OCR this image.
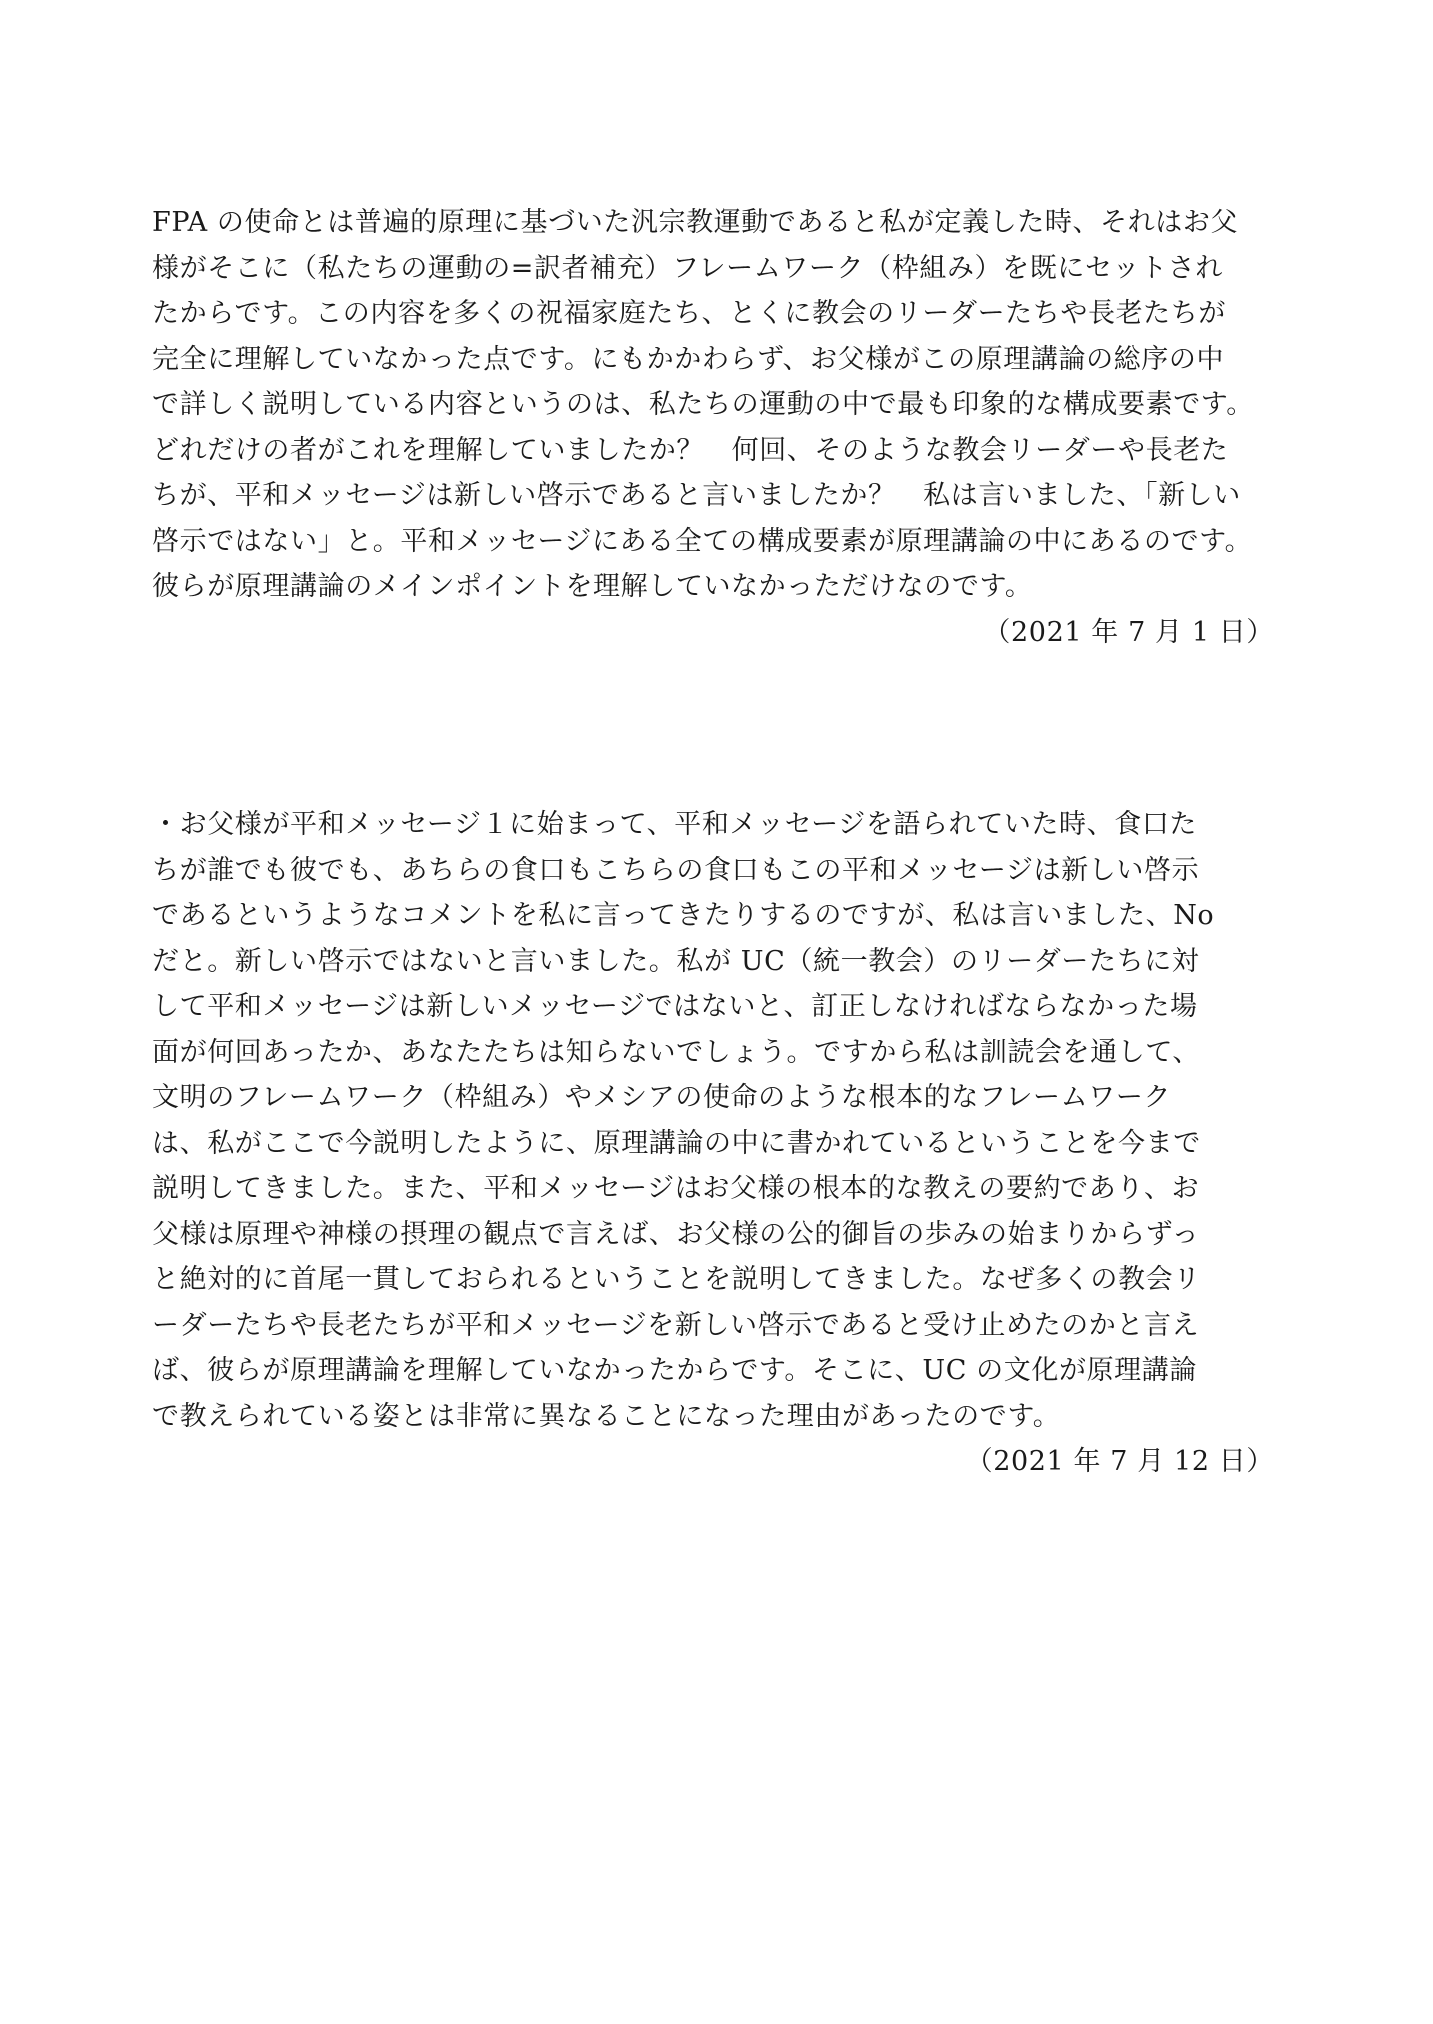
FPA の使命とは普遍的原理に基づいた汎宗教運動であると私が定義した時、それはお父
様がそこに（私たちの運動の=訳者補充）フレームワーク（枠組み）を既にセットされ
たからです。この内容を多くの祝福家庭たち、とくに教会のリーダーたちや長老たちが
完全に理解していなかった点です。にもかかわらず、お父様がこの原理講論の総序の中
で詳しく説明している内容というのは、私たちの運動の中で最も印象的な構成要素です。
どれだけの者がこれを理解していましたか？　何回、そのような教会リーダーや長老た
ちが、平和メッセージは新しい啓示であると言いましたか？　私は言いました、「新しい
啓示ではない」と。平和メッセージにある全ての構成要素が原理講論の中にあるのです。
彼らが原理講論のメインポイントを理解していなかっただけなのです。
（2021 年 7 月 1 日）
・お父様が平和メッセージ１に始まって、平和メッセージを語られていた時、食口た
ちが誰でも彼でも、あちらの食口もこちらの食口もこの平和メッセージは新しい啓示
であるというようなコメントを私に言ってきたりするのですが、私は言いました、No
だと。新しい啓示ではないと言いました。私が UC（統一教会）のリーダーたちに対
して平和メッセージは新しいメッセージではないと、訂正しなければならなかった場
面が何回あったか、あなたたちは知らないでしょう。ですから私は訓読会を通して、
文明のフレームワーク（枠組み）やメシアの使命のような根本的なフレームワーク
は、私がここで今説明したように、原理講論の中に書かれているということを今まで
説明してきました。また、平和メッセージはお父様の根本的な教えの要約であり、お
父様は原理や神様の摂理の観点で言えば、お父様の公的御旨の歩みの始まりからずっ
と絶対的に首尾一貫しておられるということを説明してきました。なぜ多くの教会リ
ーダーたちや長老たちが平和メッセージを新しい啓示であると受け止めたのかと言え
ば、彼らが原理講論を理解していなかったからです。そこに、UC の文化が原理講論
で教えられている姿とは非常に異なることになった理由があったのです。
（2021 年 7 月 12 日）
